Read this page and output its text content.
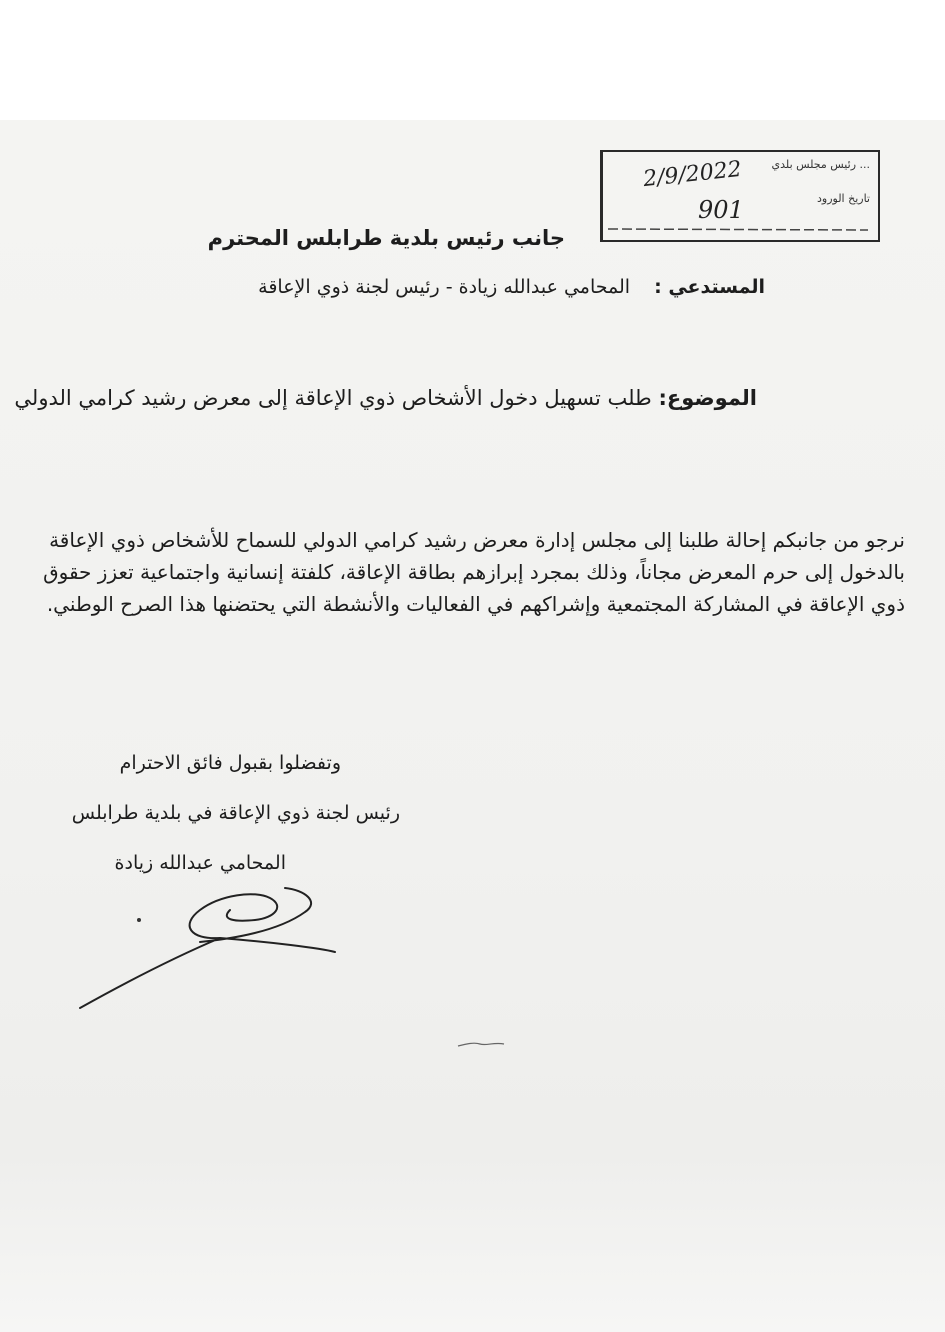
... رئيس مجلس بلدي
تاريخ الورود
2/9/2022
901
جانب رئيس بلدية طرابلس المحترم
المستدعي : المحامي عبدالله زيادة - رئيس لجنة ذوي الإعاقة
الموضوع: طلب تسهيل دخول الأشخاص ذوي الإعاقة إلى معرض رشيد كرامي الدولي
نرجو من جانبكم إحالة طلبنا إلى مجلس إدارة معرض رشيد كرامي الدولي للسماح للأشخاص ذوي الإعاقة بالدخول إلى حرم المعرض مجاناً، وذلك بمجرد إبرازهم بطاقة الإعاقة، كلفتة إنسانية واجتماعية تعزز حقوق ذوي الإعاقة في المشاركة المجتمعية وإشراكهم في الفعاليات والأنشطة التي يحتضنها هذا الصرح الوطني.
وتفضلوا بقبول فائق الاحترام
رئيس لجنة ذوي الإعاقة في بلدية طرابلس
المحامي عبدالله زيادة
